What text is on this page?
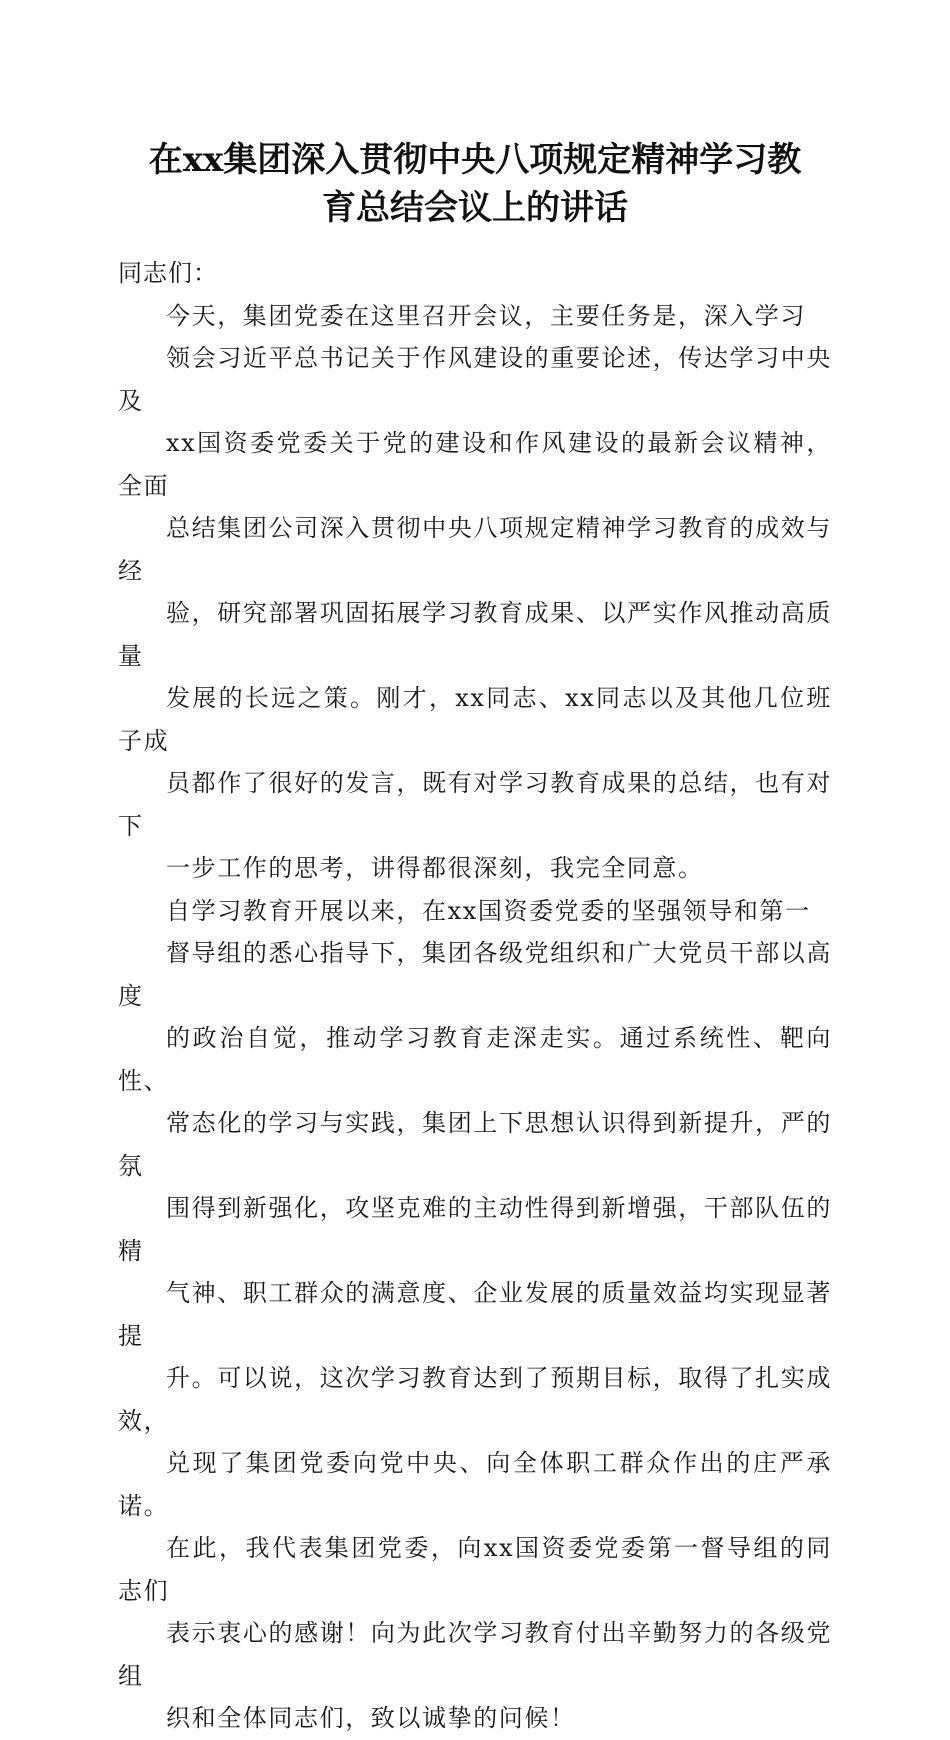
在xx集团深入贯彻中央八项规定精神学习教
育总结会议上的讲话

同志们：

今天，集团党委在这里召开会议，主要任务是，深入学习
领会习近平总书记关于作风建设的重要论述，传达学习中央及
xx国资委党委关于党的建设和作风建设的最新会议精神，全面
总结集团公司深入贯彻中央八项规定精神学习教育的成效与经
验，研究部署巩固拓展学习教育成果、以严实作风推动高质量
发展的长远之策。刚才，xx同志、xx同志以及其他几位班子成
员都作了很好的发言，既有对学习教育成果的总结，也有对下
一步工作的思考，讲得都很深刻，我完全同意。

自学习教育开展以来，在xx国资委党委的坚强领导和第一
督导组的悉心指导下，集团各级党组织和广大党员干部以高度
的政治自觉，推动学习教育走深走实。通过系统性、靶向性、
常态化的学习与实践，集团上下思想认识得到新提升，严的氛
围得到新强化，攻坚克难的主动性得到新增强，干部队伍的精
气神、职工群众的满意度、企业发展的质量效益均实现显著提
升。可以说，这次学习教育达到了预期目标，取得了扎实成效，
兑现了集团党委向党中央、向全体职工群众作出的庄严承诺。
在此，我代表集团党委，向xx国资委党委第一督导组的同志们
表示衷心的感谢！向为此次学习教育付出辛勤努力的各级党组
织和全体同志们，致以诚挚的问候！
